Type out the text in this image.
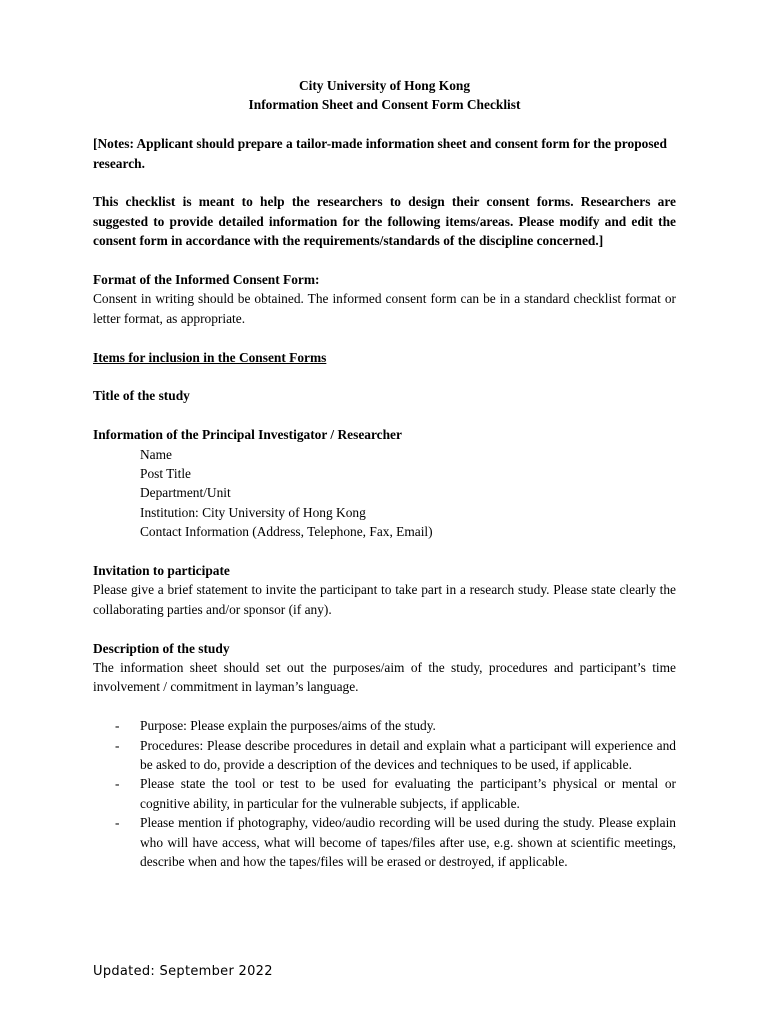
City University of Hong Kong
Information Sheet and Consent Form Checklist
[Notes: Applicant should prepare a tailor-made information sheet and consent form for the proposed research.
This checklist is meant to help the researchers to design their consent forms. Researchers are suggested to provide detailed information for the following items/areas. Please modify and edit the consent form in accordance with the requirements/standards of the discipline concerned.]
Format of the Informed Consent Form:
Consent in writing should be obtained. The informed consent form can be in a standard checklist format or letter format, as appropriate.
Items for inclusion in the Consent Forms
Title of the study
Information of the Principal Investigator / Researcher
Name
Post Title
Department/Unit
Institution: City University of Hong Kong
Contact Information (Address, Telephone, Fax, Email)
Invitation to participate
Please give a brief statement to invite the participant to take part in a research study. Please state clearly the collaborating parties and/or sponsor (if any).
Description of the study
The information sheet should set out the purposes/aim of the study, procedures and participant’s time involvement / commitment in layman’s language.
- Purpose: Please explain the purposes/aims of the study.
- Procedures: Please describe procedures in detail and explain what a participant will experience and be asked to do, provide a description of the devices and techniques to be used, if applicable.
- Please state the tool or test to be used for evaluating the participant’s physical or mental or cognitive ability, in particular for the vulnerable subjects, if applicable.
- Please mention if photography, video/audio recording will be used during the study. Please explain who will have access, what will become of tapes/files after use, e.g. shown at scientific meetings, describe when and how the tapes/files will be erased or destroyed, if applicable.
Updated: September 2022
